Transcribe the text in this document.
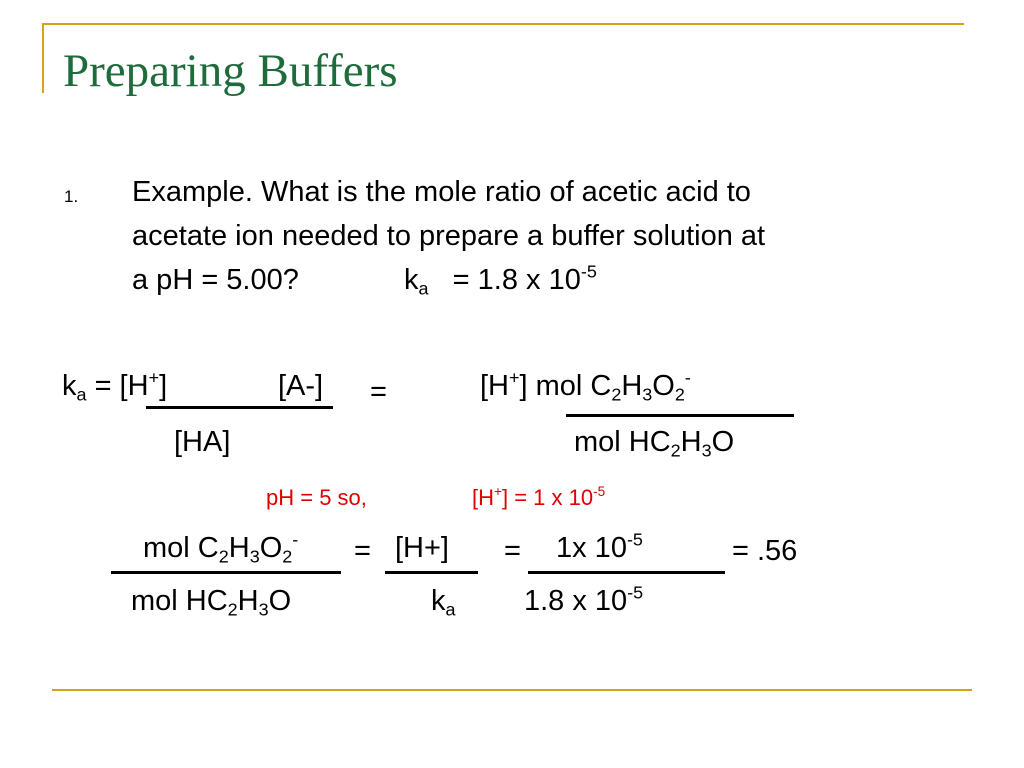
Preparing Buffers
1. Example. What is the mole ratio of acetic acid to
acetate ion needed to prepare a buffer solution at
a pH = 5.00?	$k_a = 1.8$ x $10^{-5}$
$k_a = [H^+]$	[A-] =
[HA]
[H+] mol $C_2H_3O_2^-$
mol $HC_2H_3O$
pH = 5 so,	[H+] = 1 x $10^{-5}$
mol $C_2H_3O_2^- = [H+] = 1x$ $10^{-5}$	= .56
mol $HC_2H_3O$	$k_a$ 1.8 x $10^{-5}$
